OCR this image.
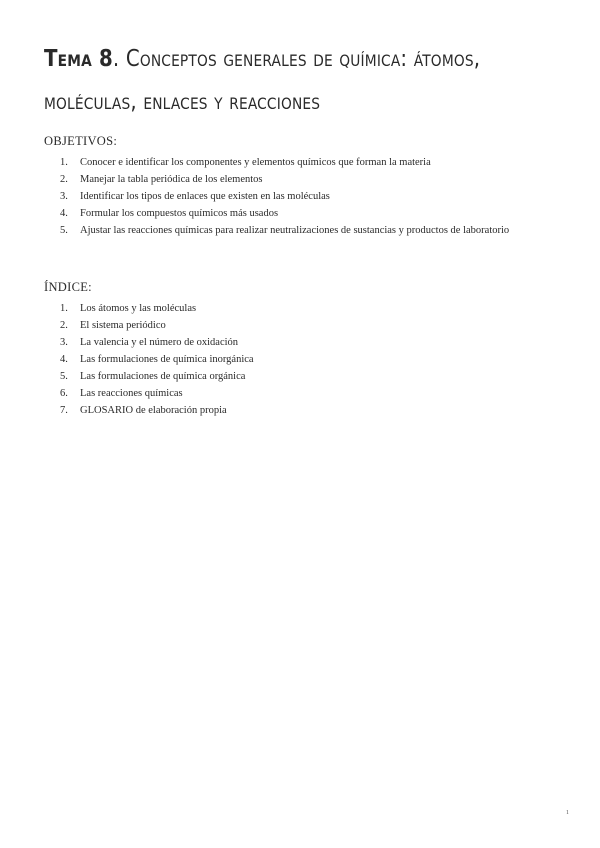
Tema 8. Conceptos generales de química: átomos, moléculas, enlaces y reacciones
OBJETIVOS:
1.	Conocer e identificar los componentes y elementos químicos que forman la materia
2.	Manejar la tabla periódica de los elementos
3.	Identificar los tipos de enlaces que existen en las moléculas
4.	Formular los compuestos químicos más usados
5.	Ajustar las reacciones químicas para realizar neutralizaciones de sustancias y productos de laboratorio
ÍNDICE:
1.	Los átomos y las moléculas
2.	El sistema periódico
3.	La valencia y el número de oxidación
4.	Las formulaciones de química inorgánica
5.	Las formulaciones de química orgánica
6.	Las reacciones químicas
7.	GLOSARIO de elaboración propia
1
